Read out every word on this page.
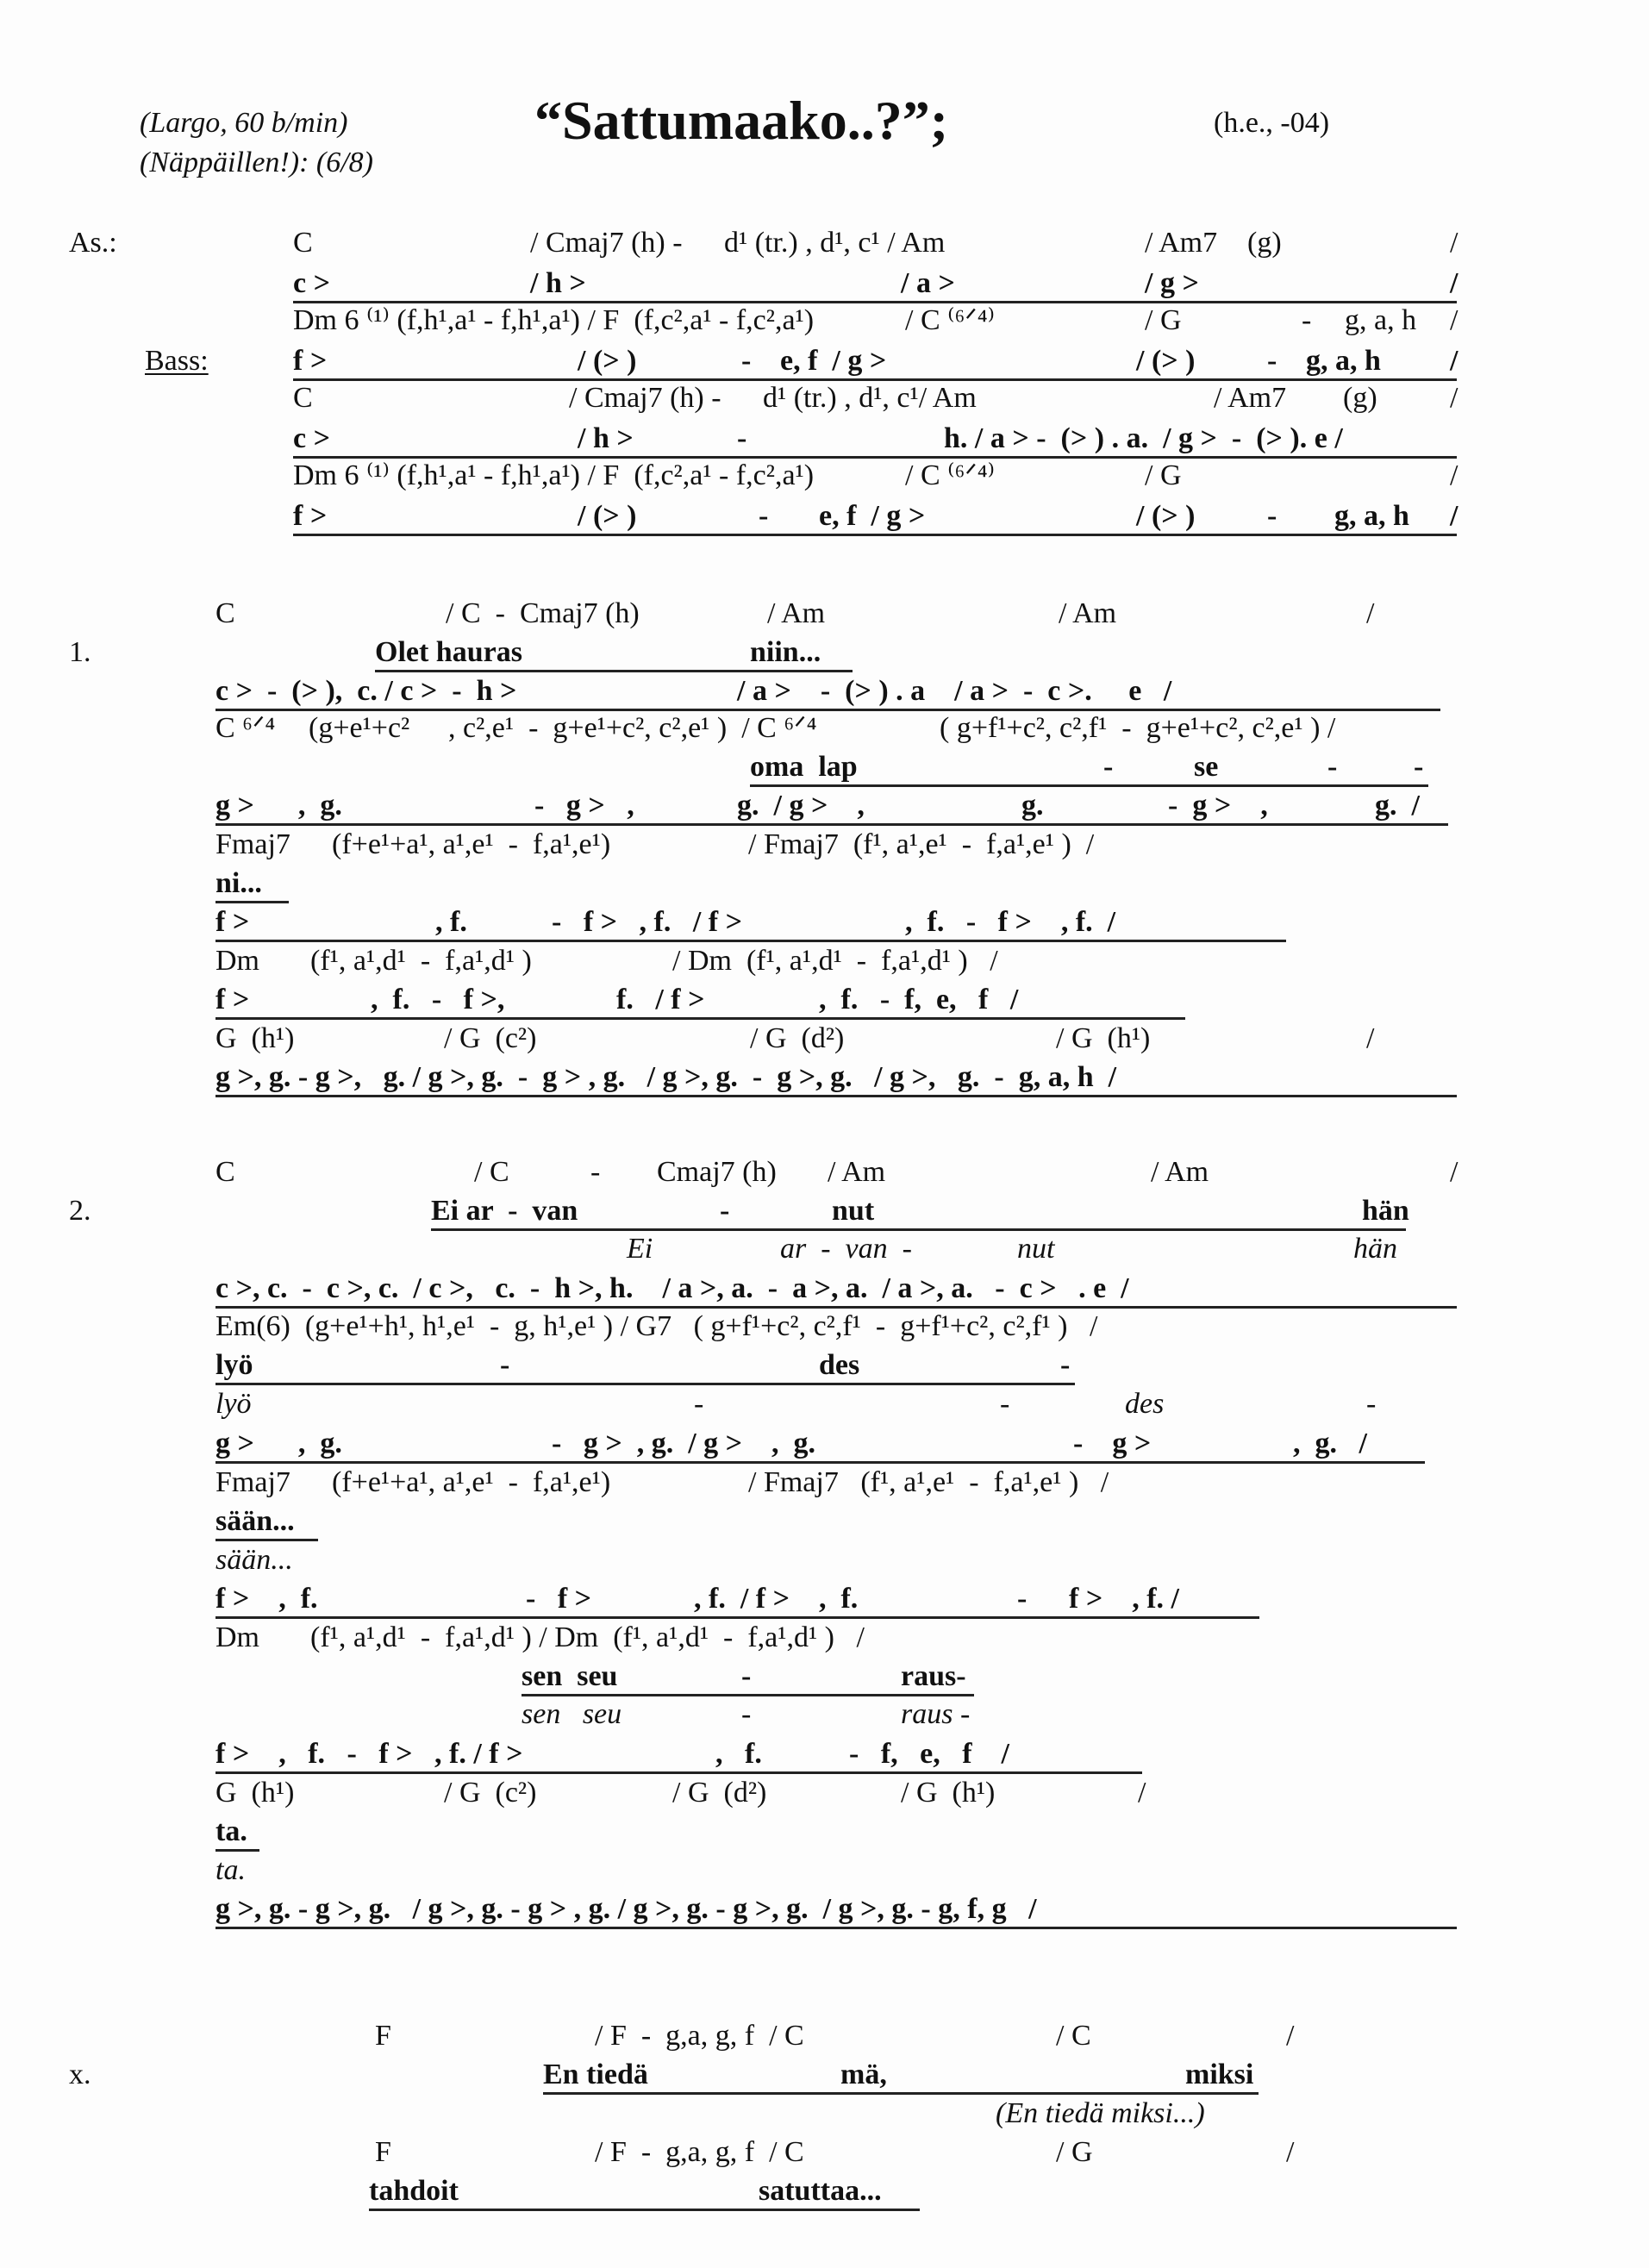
(Largo, 60 b/min)
(Näppäillen!): (6/8)
“Sattumaako..?”;	(h.e., -04)
As.:
Bass:
1.
2.
x.
C	/ Cmaj7 (h) - d¹ (tr.) , d¹, c¹ / Am	/ Am7 (g)	/
c >	/ h >	/ a >	/ g >	/
Dm 6 ⁽¹⁾ (f,h¹,a¹ - f,h¹,a¹) / F  (f,c²,a¹ - f,c²,a¹)	/ C ⁽⁶ᐟ⁴⁾	/ G	- g, a, h /
f >	/ (> )	- e, f  / g >	/ (> ) - g, a, h /
C	/ Cmaj7 (h) - d¹ (tr.) , d¹, c¹/ Am	/ Am7 (g) /
c >	/ h >	-	h. / a > -  (> ) . a.  / g >  -  (> ). e /
Dm 6 ⁽¹⁾ (f,h¹,a¹ - f,h¹,a¹) / F  (f,c²,a¹ - f,c²,a¹)	/ C ⁽⁶ᐟ⁴⁾	/ G	/
f >	/ (> )	- e, f  / g >	/ (> ) - g, a, h /
C	/ C  -  Cmaj7 (h)	/ Am	/ Am	/
Olet hauras	niin...
c >  -  (> ),  c. / c >  -  h >	/ a >    -  (> ) . a    / a >  -  c >.     e   /
C ⁶ᐟ⁴ (g+e¹+c² , c²,e¹  -  g+e¹+c², c²,e¹ )  / C ⁶ᐟ⁴	( g+f¹+c², c²,f¹  -  g+e¹+c², c²,e¹ ) /
oma  lap	-	se	-	-
g >      ,  g.	-   g >   ,	g.  / g >    ,	g.	-  g >    ,	g.  /
Fmaj7 (f+e¹+a¹, a¹,e¹  -  f,a¹,e¹)	/ Fmaj7  (f¹, a¹,e¹  -  f,a¹,e¹ )  /
ni...
f >	, f.	-   f >   , f.   / f >	,  f.   -   f >    , f.  /
Dm (f¹, a¹,d¹  -  f,a¹,d¹ )	/ Dm  (f¹, a¹,d¹  -  f,a¹,d¹ )   /
f >	,  f.   -   f >,	f.   / f >	,  f.   -  f,  e,   f   /
G  (h¹)	/ G  (c²)	/ G  (d²)	/ G  (h¹)	/
g >, g. - g >,   g. / g >, g.  -  g > , g.   / g >, g.  -  g >, g.   / g >,   g.  -  g, a, h  /
C	/ C	- Cmaj7 (h) / Am	/ Am	/
Ei ar  -  van	-	nut	hän
Ei	ar  -  van  -	nut	hän
c >, c.  -  c >, c.  / c >,   c.  -  h >, h.    / a >, a.  -  a >, a.  / a >, a.   -  c >   . e  /
Em(6)  (g+e¹+h¹, h¹,e¹  -  g, h¹,e¹ ) / G7   ( g+f¹+c², c²,f¹  -  g+f¹+c², c²,f¹ )   /
lyö	-	des	-
lyö	-	-	des	-
g >      ,  g.	-   g >  , g.  / g >    ,  g.	-    g >	,  g.   /
Fmaj7 (f+e¹+a¹, a¹,e¹  -  f,a¹,e¹)	/ Fmaj7   (f¹, a¹,e¹  -  f,a¹,e¹ )   /
sään...
sään...
f >    ,  f.	-   f >	, f.  / f >    ,  f.	- f >    , f. /
Dm (f¹, a¹,d¹  -  f,a¹,d¹ ) / Dm  (f¹, a¹,d¹  -  f,a¹,d¹ )   /
sen  seu	-	raus-
sen   seu	-	raus -
f >    ,   f.   -   f >   , f. / f >	,   f.	-   f,   e,   f    /
G  (h¹)	/ G  (c²)	/ G  (d²)	/ G  (h¹)	/
ta.
ta.
g >, g. - g >, g.   / g >, g. - g > , g. / g >, g. - g >, g.  / g >, g. - g, f, g   /
F	/ F  -  g,a, g, f  / C	/ C	/
En tiedä	mä,	miksi
(En tiedä miksi...)
F	/ F  -  g,a, g, f  / C	/ G	/
tahdoit	satuttaa...
